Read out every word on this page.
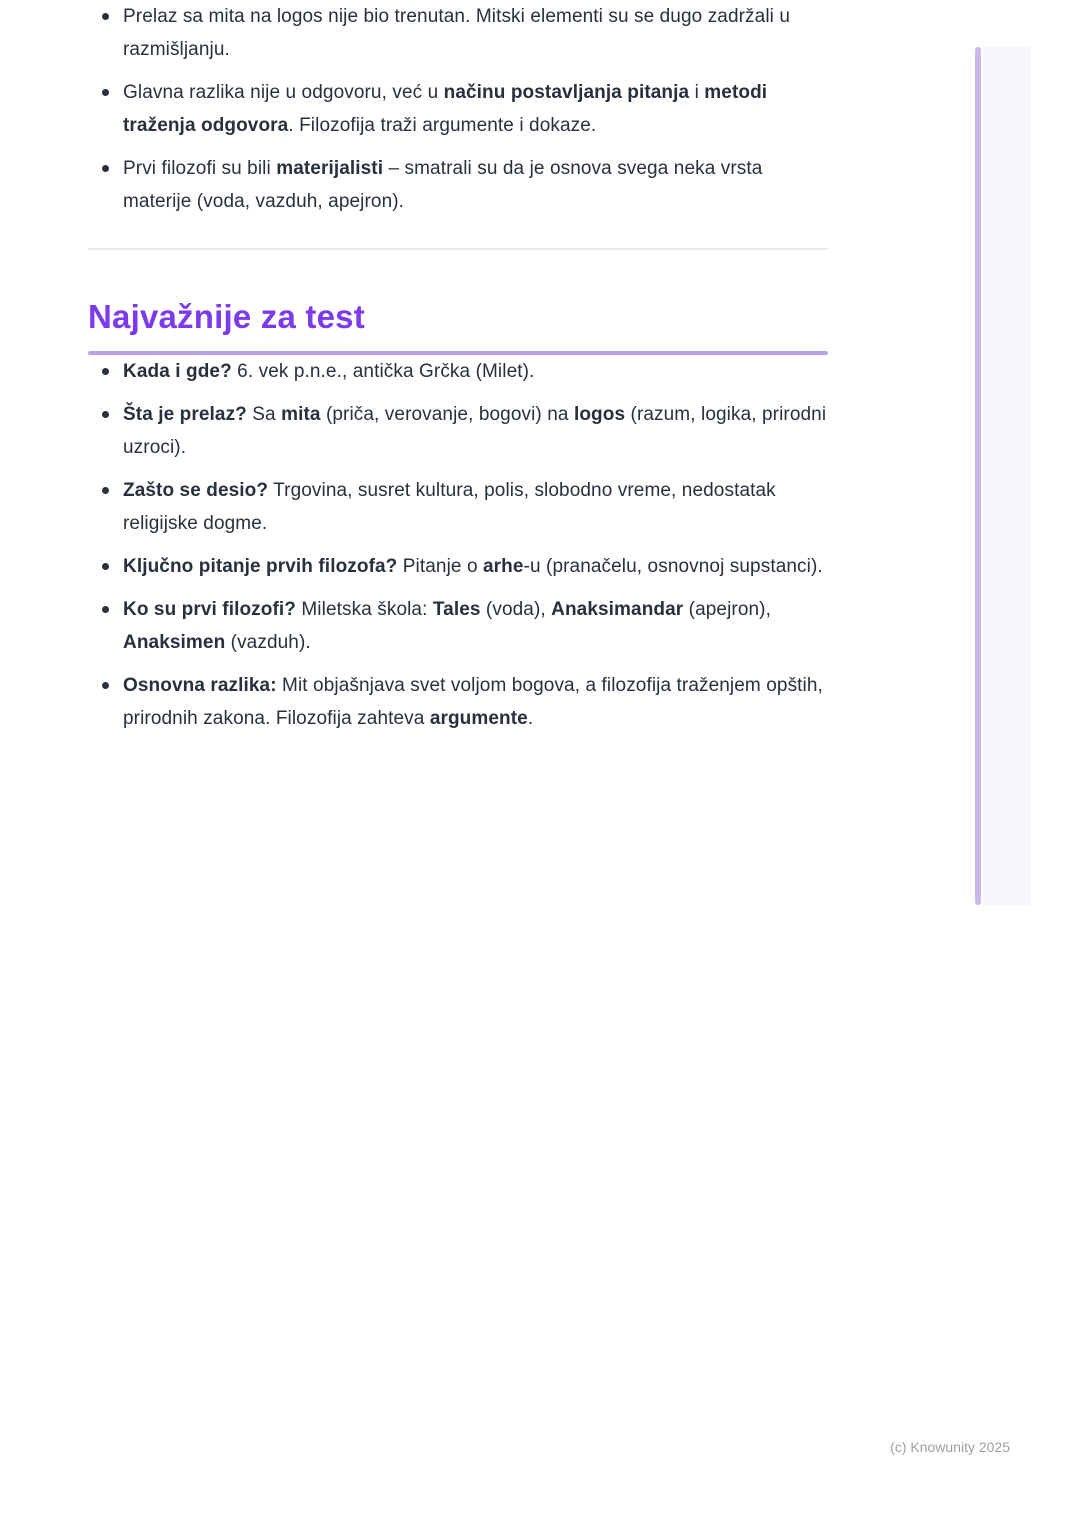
Prelaz sa mita na logos nije bio trenutan. Mitski elementi su se dugo zadržali u razmišljanju.
Glavna razlika nije u odgovoru, već u načinu postavljanja pitanja i metodi traženja odgovora. Filozofija traži argumente i dokaze.
Prvi filozofi su bili materijalisti – smatrali su da je osnova svega neka vrsta materije (voda, vazduh, apejron).
Najvažnije za test
Kada i gde? 6. vek p.n.e., antička Grčka (Milet).
Šta je prelaz? Sa mita (priča, verovanje, bogovi) na logos (razum, logika, prirodni uzroci).
Zašto se desio? Trgovina, susret kultura, polis, slobodno vreme, nedostatak religijske dogme.
Ključno pitanje prvih filozofa? Pitanje o arhe-u (pranačelu, osnovnoj supstanci).
Ko su prvi filozofi? Miletska škola: Tales (voda), Anaksimandar (apejron), Anaksimen (vazduh).
Osnovna razlika: Mit objašnjava svet voljom bogova, a filozofija traženjem opštih, prirodnih zakona. Filozofija zahteva argumente.
(c) Knowunity 2025
